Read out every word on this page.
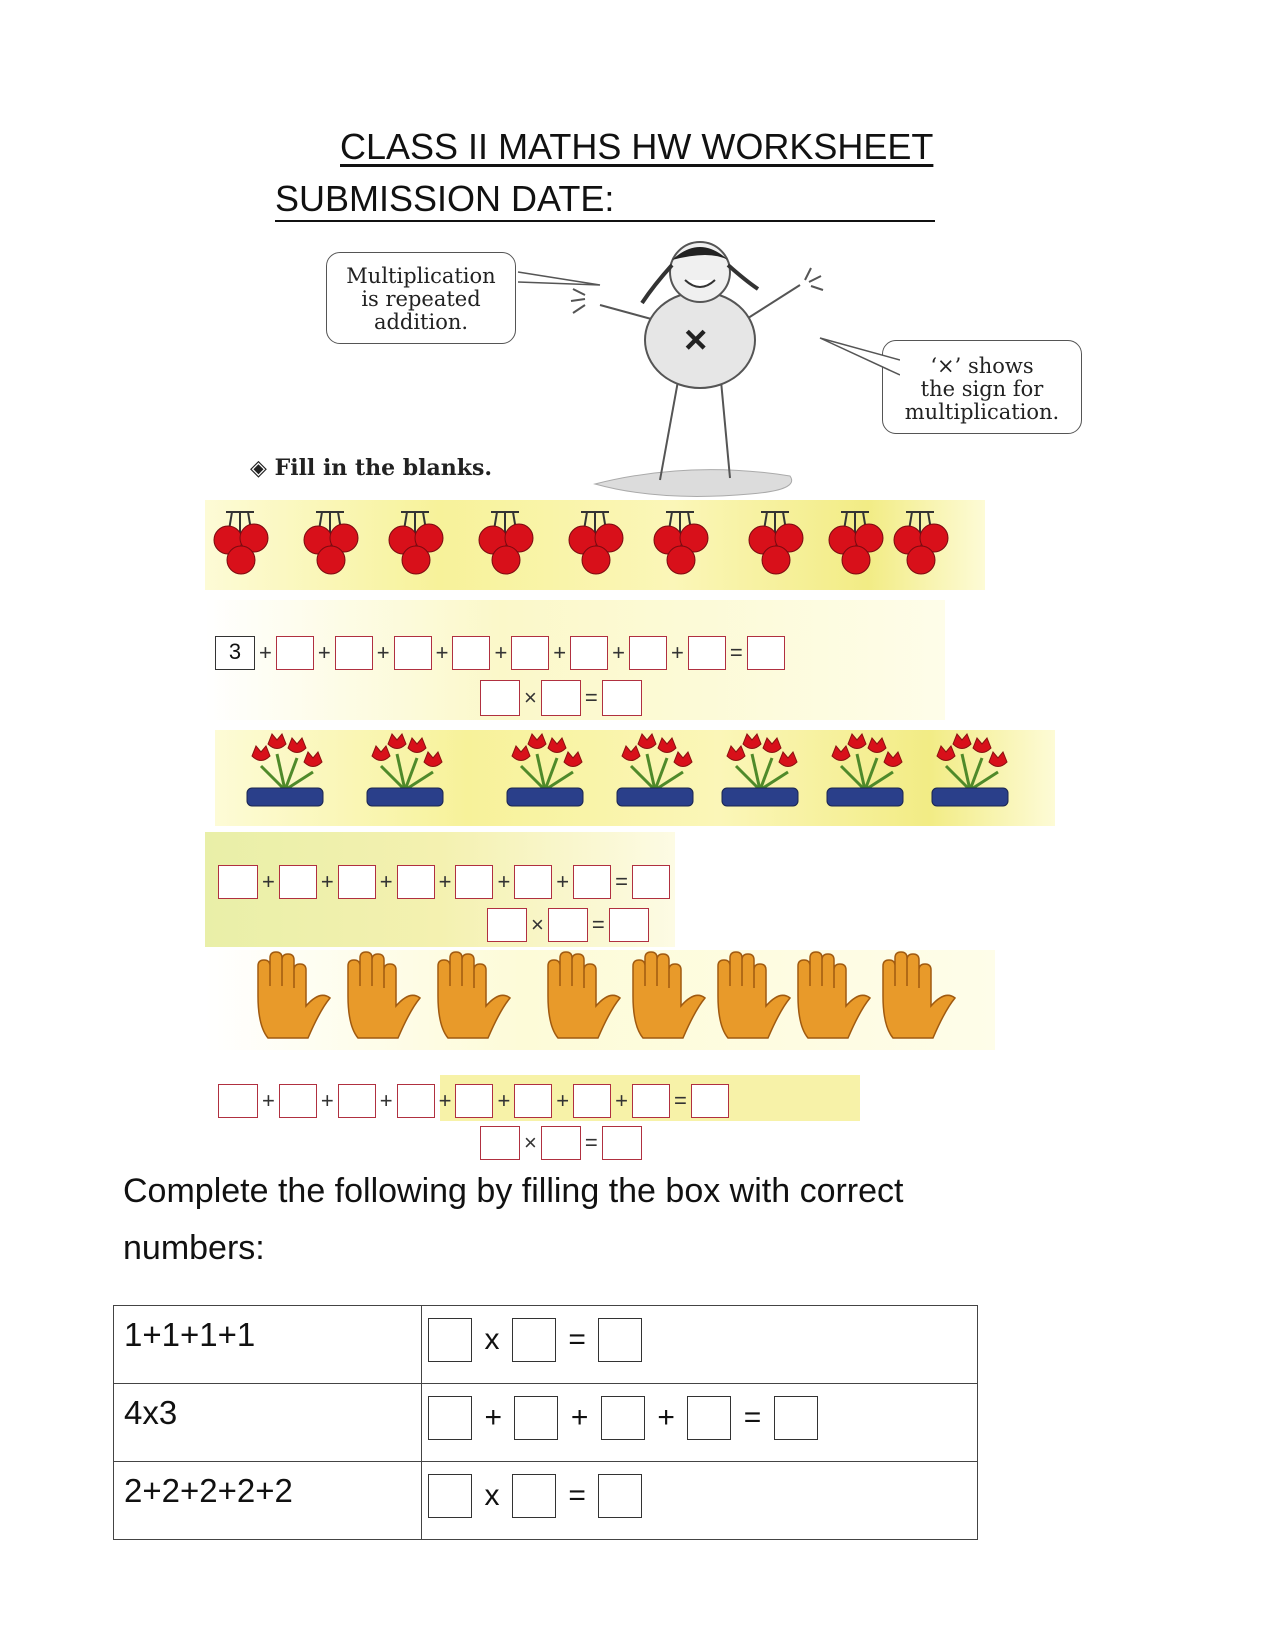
CLASS II MATHS HW WORKSHEET
SUBMISSION DATE:
Multiplication
is repeated
addition.
‘×’ shows
the sign for
multiplication.
×
◈ Fill in the blanks.
3 + + + + + + + + =
× =
+ + + + + + =
× =
+ + + + + + + =
× =
Complete the following by filling the box with correct
numbers:
1+1+1+1	x =
4x3	+ + + =
2+2+2+2+2	x =
